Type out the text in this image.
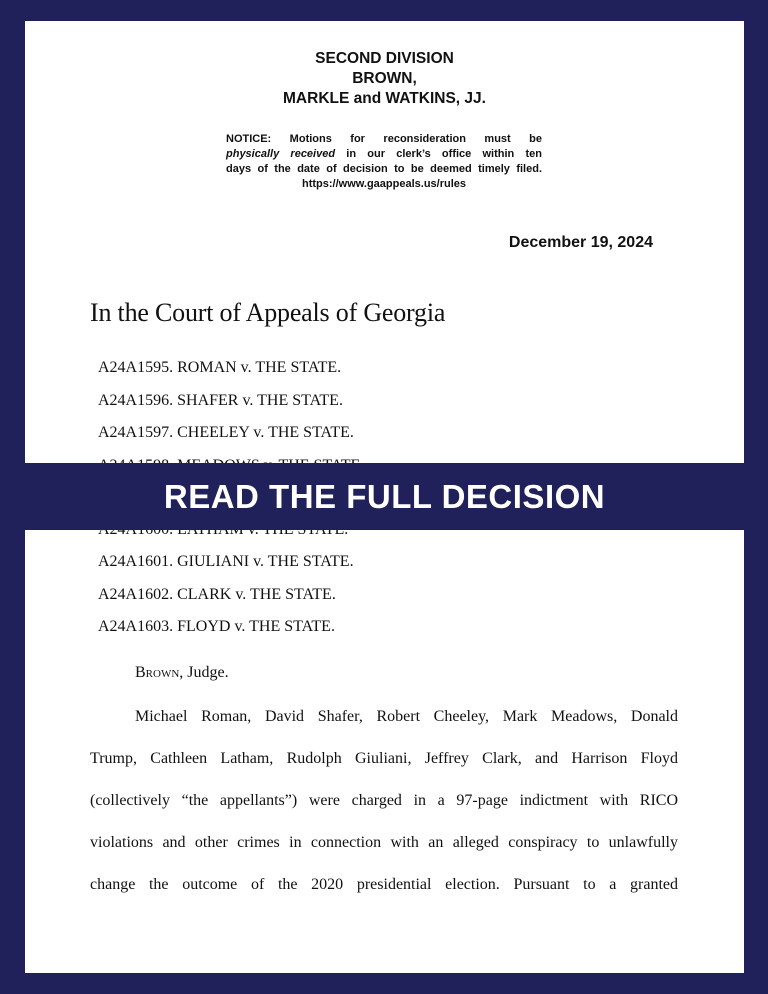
SECOND DIVISION
BROWN,
MARKLE and WATKINS, JJ.
NOTICE: Motions for reconsideration must be
physically received in our clerk’s office within ten
days of the date of decision to be deemed timely filed.
https://www.gaappeals.us/rules
December 19, 2024
In the Court of Appeals of Georgia
A24A1595. ROMAN v. THE STATE.
A24A1596. SHAFER v. THE STATE.
A24A1597. CHEELEY v. THE STATE.
A24A1601. GIULIANI v. THE STATE.
A24A1602. CLARK v. THE STATE.
A24A1603. FLOYD v. THE STATE.
Brown, Judge.
Michael Roman, David Shafer, Robert Cheeley, Mark Meadows, Donald
Trump, Cathleen Latham, Rudolph Giuliani, Jeffrey Clark, and Harrison Floyd
(collectively “the appellants”) were charged in a 97-page indictment with RICO
violations and other crimes in connection with an alleged conspiracy to unlawfully
change the outcome of the 2020 presidential election. Pursuant to a granted
READ THE FULL DECISION
